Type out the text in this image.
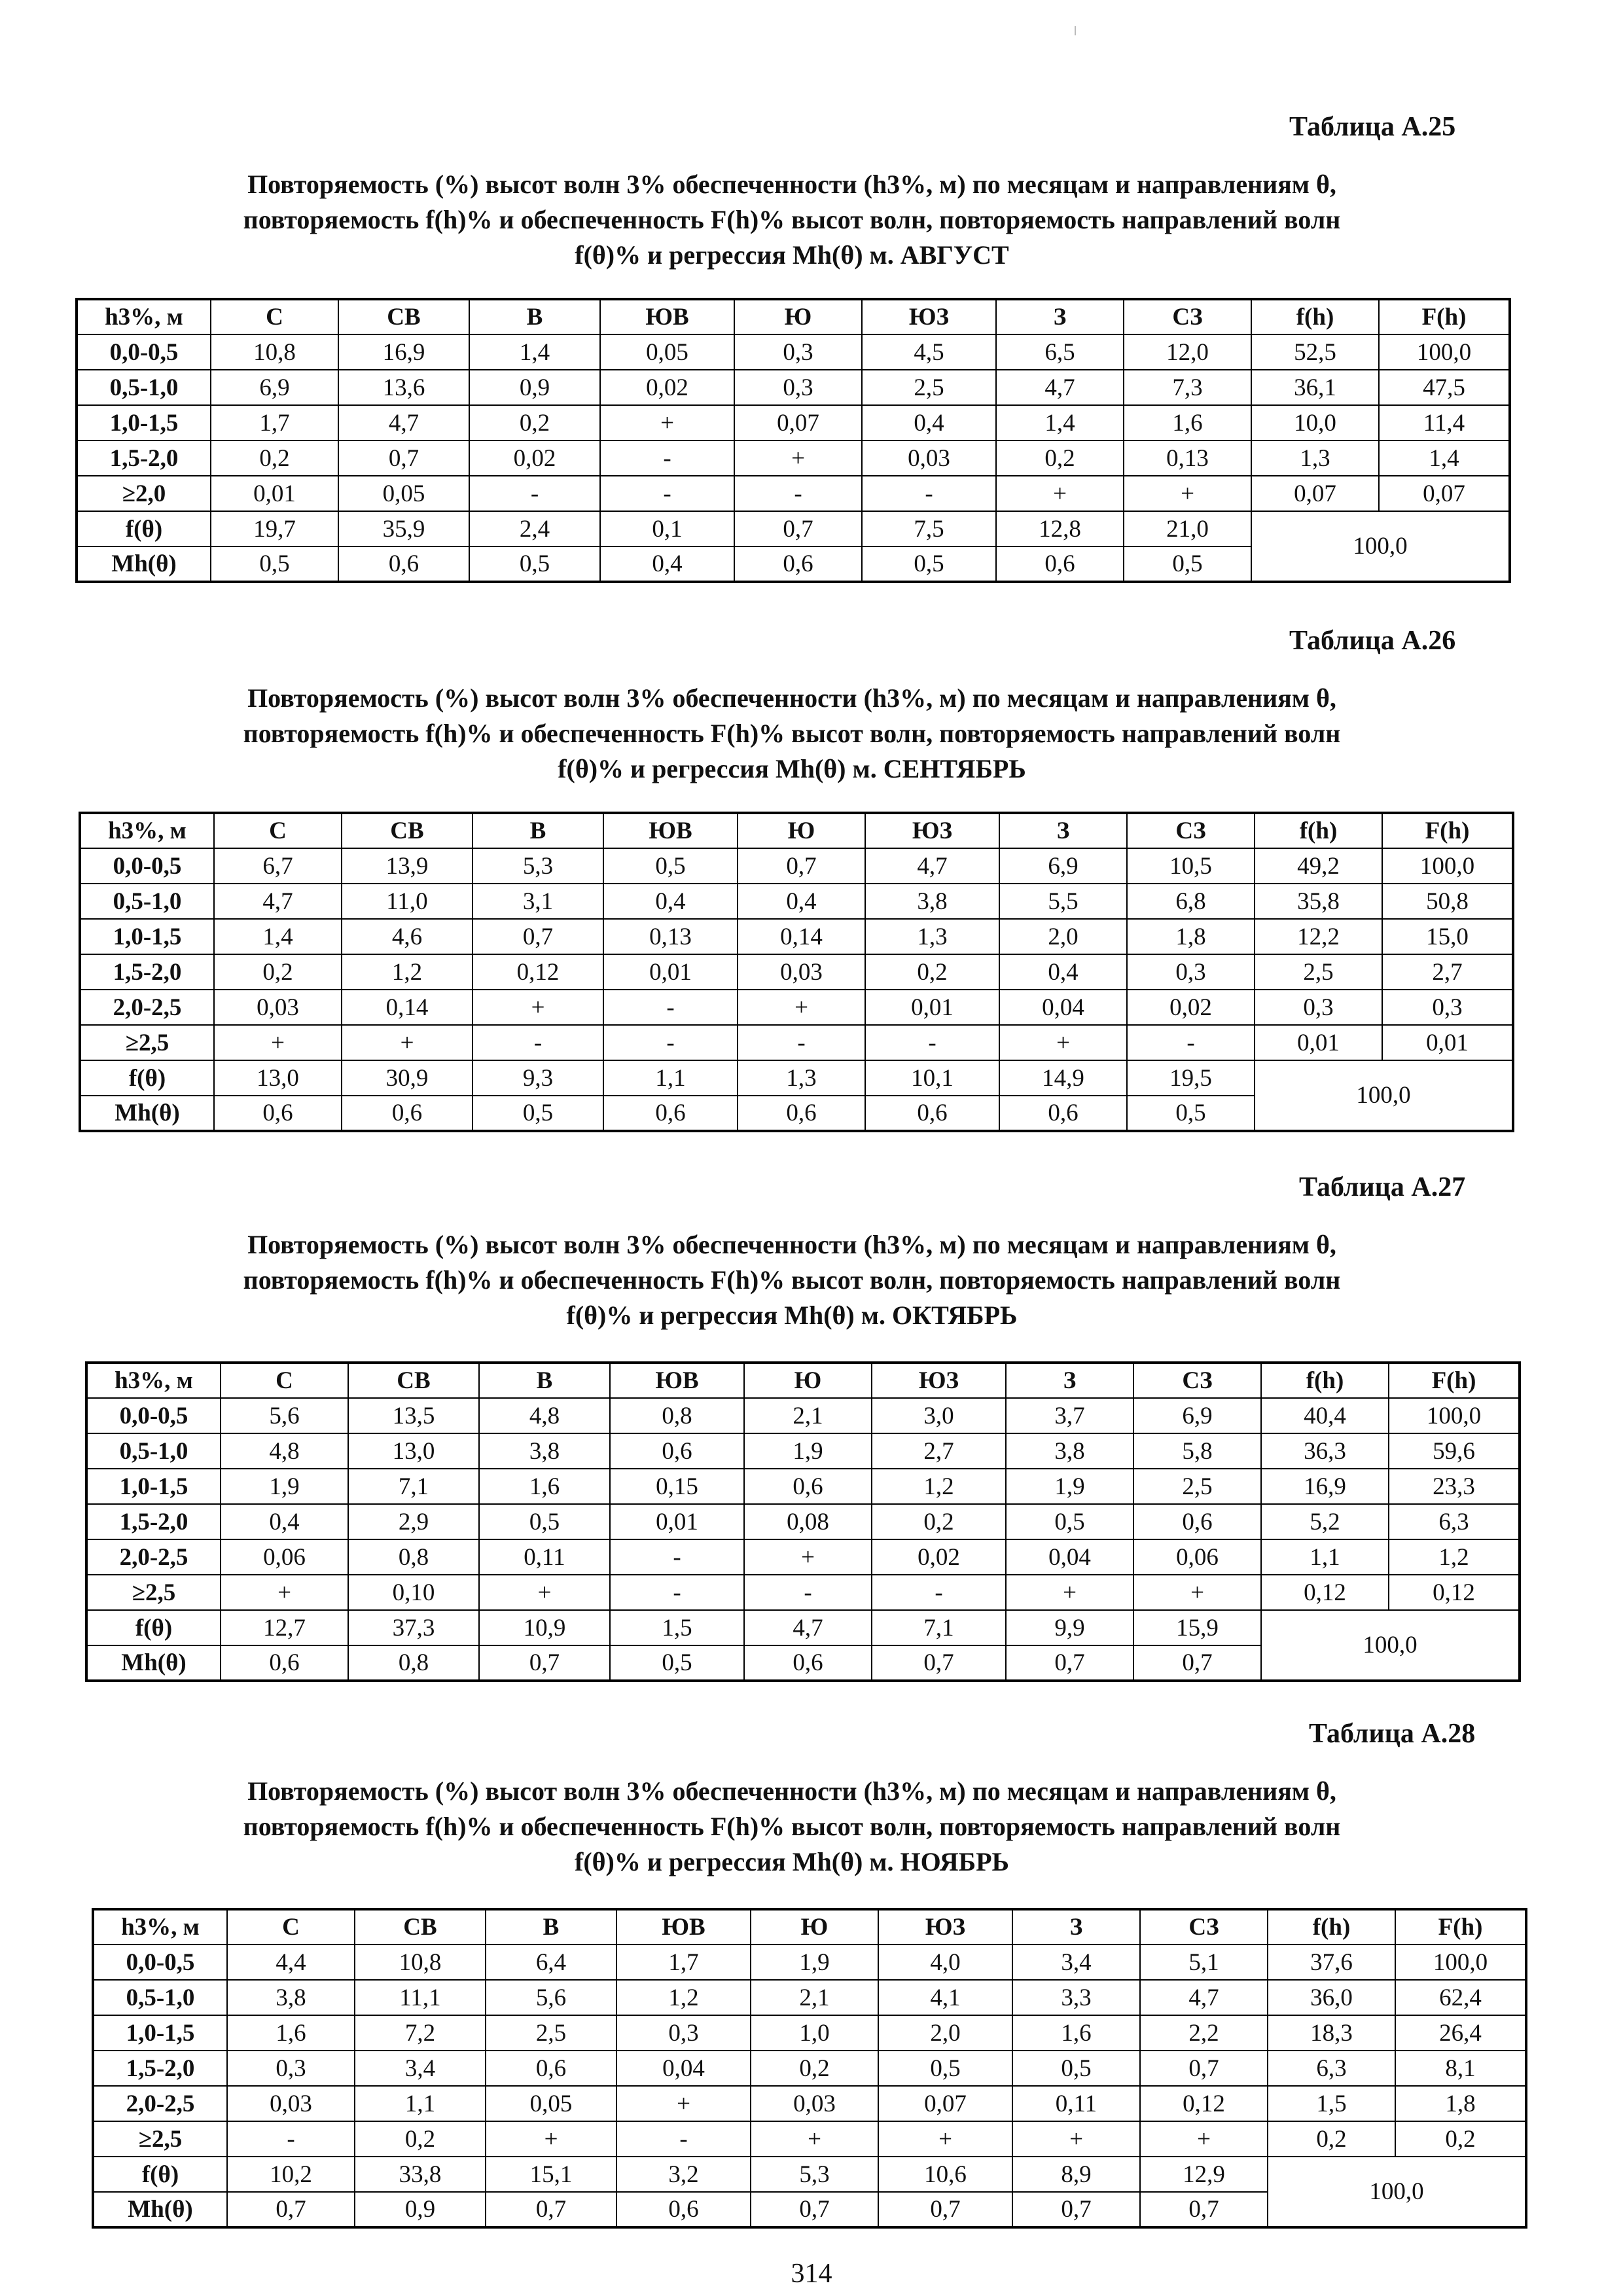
Таблица А.25
Повторяемость (%) высот волн 3% обеспеченности (h3%, м) по месяцам и направлениям θ,
повторяемость f(h)% и обеспеченность F(h)% высот волн, повторяемость направлений волн
f(θ)% и регрессия Mh(θ) м. АВГУСТ
h3%, м	С	СВ	В	ЮВ	Ю	ЮЗ	З	СЗ	f(h)	F(h)
0,0-0,5	10,8	16,9	1,4	0,05	0,3	4,5	6,5	12,0	52,5	100,0
0,5-1,0	6,9	13,6	0,9	0,02	0,3	2,5	4,7	7,3	36,1	47,5
1,0-1,5	1,7	4,7	0,2	+	0,07	0,4	1,4	1,6	10,0	11,4
1,5-2,0	0,2	0,7	0,02	-	+	0,03	0,2	0,13	1,3	1,4
≥2,0	0,01	0,05	-	-	-	-	+	+	0,07	0,07
f(θ)	19,7	35,9	2,4	0,1	0,7	7,5	12,8	21,0	100,0	
Mh(θ)	0,5	0,6	0,5	0,4	0,6	0,5	0,6	0,5		
Таблица А.26
Повторяемость (%) высот волн 3% обеспеченности (h3%, м) по месяцам и направлениям θ,
повторяемость f(h)% и обеспеченность F(h)% высот волн, повторяемость направлений волн
f(θ)% и регрессия Mh(θ) м. СЕНТЯБРЬ
h3%, м	С	СВ	В	ЮВ	Ю	ЮЗ	З	СЗ	f(h)	F(h)
0,0-0,5	6,7	13,9	5,3	0,5	0,7	4,7	6,9	10,5	49,2	100,0
0,5-1,0	4,7	11,0	3,1	0,4	0,4	3,8	5,5	6,8	35,8	50,8
1,0-1,5	1,4	4,6	0,7	0,13	0,14	1,3	2,0	1,8	12,2	15,0
1,5-2,0	0,2	1,2	0,12	0,01	0,03	0,2	0,4	0,3	2,5	2,7
2,0-2,5	0,03	0,14	+	-	+	0,01	0,04	0,02	0,3	0,3
≥2,5	+	+	-	-	-	-	+	-	0,01	0,01
f(θ)	13,0	30,9	9,3	1,1	1,3	10,1	14,9	19,5	100,0	
Mh(θ)	0,6	0,6	0,5	0,6	0,6	0,6	0,6	0,5		
Таблица А.27
Повторяемость (%) высот волн 3% обеспеченности (h3%, м) по месяцам и направлениям θ,
повторяемость f(h)% и обеспеченность F(h)% высот волн, повторяемость направлений волн
f(θ)% и регрессия Mh(θ) м. ОКТЯБРЬ
h3%, м	С	СВ	В	ЮВ	Ю	ЮЗ	З	СЗ	f(h)	F(h)
0,0-0,5	5,6	13,5	4,8	0,8	2,1	3,0	3,7	6,9	40,4	100,0
0,5-1,0	4,8	13,0	3,8	0,6	1,9	2,7	3,8	5,8	36,3	59,6
1,0-1,5	1,9	7,1	1,6	0,15	0,6	1,2	1,9	2,5	16,9	23,3
1,5-2,0	0,4	2,9	0,5	0,01	0,08	0,2	0,5	0,6	5,2	6,3
2,0-2,5	0,06	0,8	0,11	-	+	0,02	0,04	0,06	1,1	1,2
≥2,5	+	0,10	+	-	-	-	+	+	0,12	0,12
f(θ)	12,7	37,3	10,9	1,5	4,7	7,1	9,9	15,9	100,0	
Mh(θ)	0,6	0,8	0,7	0,5	0,6	0,7	0,7	0,7		
Таблица А.28
Повторяемость (%) высот волн 3% обеспеченности (h3%, м) по месяцам и направлениям θ,
повторяемость f(h)% и обеспеченность F(h)% высот волн, повторяемость направлений волн
f(θ)% и регрессия Mh(θ) м. НОЯБРЬ
h3%, м	С	СВ	В	ЮВ	Ю	ЮЗ	З	СЗ	f(h)	F(h)
0,0-0,5	4,4	10,8	6,4	1,7	1,9	4,0	3,4	5,1	37,6	100,0
0,5-1,0	3,8	11,1	5,6	1,2	2,1	4,1	3,3	4,7	36,0	62,4
1,0-1,5	1,6	7,2	2,5	0,3	1,0	2,0	1,6	2,2	18,3	26,4
1,5-2,0	0,3	3,4	0,6	0,04	0,2	0,5	0,5	0,7	6,3	8,1
2,0-2,5	0,03	1,1	0,05	+	0,03	0,07	0,11	0,12	1,5	1,8
≥2,5	-	0,2	+	-	+	+	+	+	0,2	0,2
f(θ)	10,2	33,8	15,1	3,2	5,3	10,6	8,9	12,9	100,0	
Mh(θ)	0,7	0,9	0,7	0,6	0,7	0,7	0,7	0,7		
314
